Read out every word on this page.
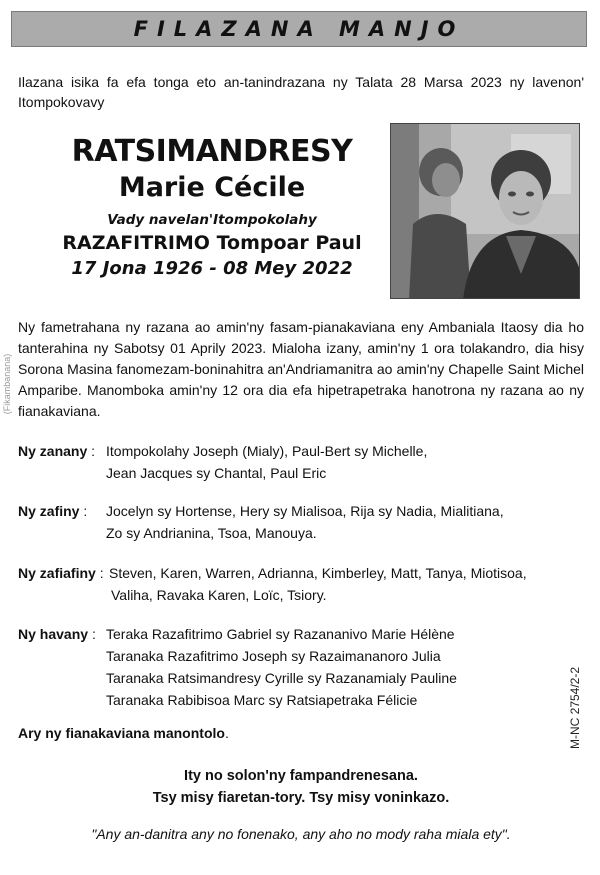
FILAZANA MANJO
(Fikambanana)
M-NC 2754/2-2
Ilazana isika fa efa tonga eto an-tanindrazana ny Talata 28 Marsa 2023 ny lavenon' Itompokovavy
RATSIMANDRESY
Marie Cécile
Vady navelan'Itompokolahy
RAZAFITRIMO Tompoar Paul
17 Jona 1926 - 08 Mey 2022
Ny fametrahana ny razana ao amin'ny fasam-pianakaviana eny Ambaniala Itaosy dia ho tanterahina ny Sabotsy 01 Aprily 2023. Mialoha izany, amin'ny 1 ora tolakandro, dia hisy Sorona Masina fanomezam-boninahitra an'Andriamanitra ao amin'ny Chapelle Saint Michel Amparibe. Manomboka amin'ny 12 ora dia efa hipetrapetraka hanotrona ny razana ao ny fianakaviana.
Ny zanany : Itompokolahy Joseph (Mialy), Paul-Bert sy Michelle,
Jean Jacques sy Chantal, Paul Eric
Ny zafiny : Jocelyn sy Hortense, Hery sy Mialisoa, Rija sy Nadia, Mialitiana,
Zo sy Andrianina, Tsoa, Manouya.
Ny zafiafiny : Steven, Karen, Warren, Adrianna, Kimberley, Matt, Tanya, Miotisoa,
Valiha, Ravaka Karen, Loïc, Tsiory.
Ny havany : Teraka Razafitrimo Gabriel sy Razananivo Marie Hélène
Taranaka Razafitrimo Joseph sy Razaimananoro Julia
Taranaka Ratsimandresy Cyrille sy Razanamialy Pauline
Taranaka Rabibisoa Marc sy Ratsiapetraka Félicie
Ary ny fianakaviana manontolo.
Ity no solon'ny fampandrenesana.
Tsy misy fiaretan-tory. Tsy misy voninkazo.
"Any an-danitra any no fonenako, any aho no mody raha miala ety".
